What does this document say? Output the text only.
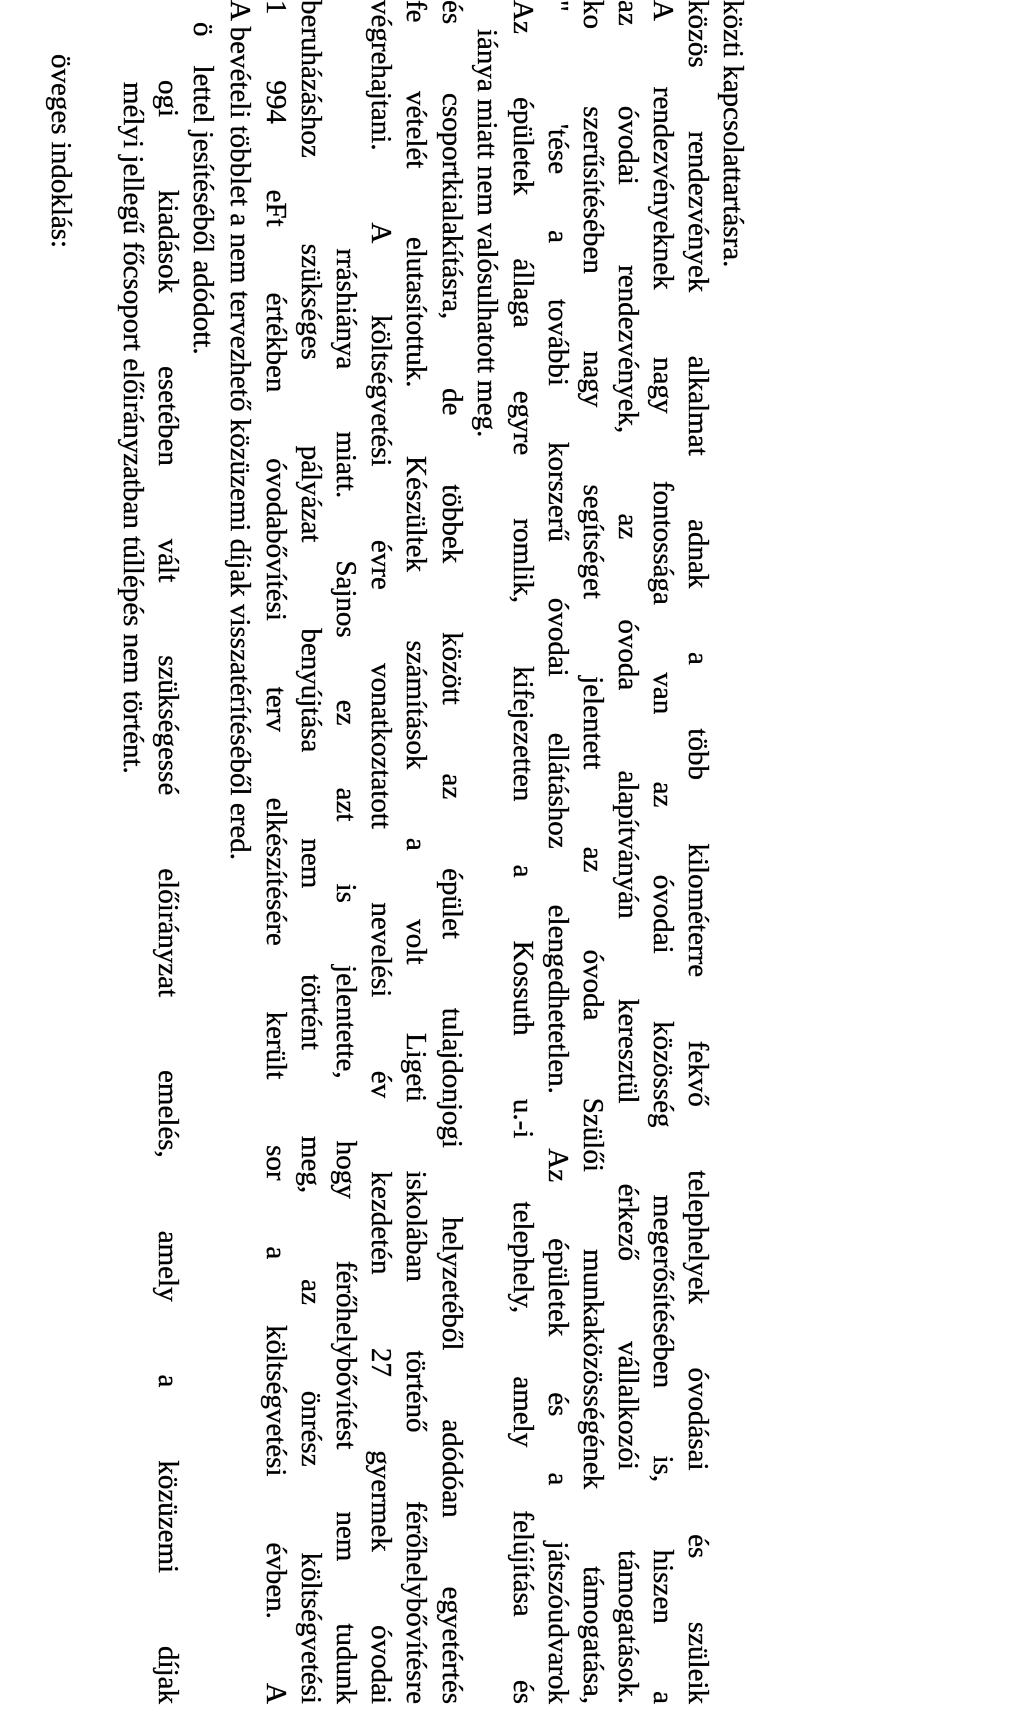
öveges indoklás: mélyi jellegű főcsoport előirányzatban túllépés nem történt. ogi kiadások esetében vált szükségessé előirányzat emelés, amely a közüzemi díjak ö    lettel jesítéséből adódott. A bevételi többlet a nem tervezhető közüzemi díjak visszatérítéséből ered. 1 994 eFt értékben óvodabővítési terv elkészítésére került sor a költségvetési évben. A beruházáshoz szükséges pályázat benyújtása nem történt meg, az önrész költségvetési rráshiánya miatt. Sajnos ez azt is jelentette, hogy férőhelybővítést nem tudunk végrehajtani. A költségvetési évre vonatkoztatott nevelési év kezdetén 27 gyermek óvodai fe vételét elutasítottuk. Készültek számítások a volt Ligeti iskolában történő férőhelybővítésre és csoportkialakításra, de többek között az épület tulajdonjogi helyzetéből adódóan egyetértés iánya miatt nem valósulhatott meg. Az épületek állaga egyre romlik, kifejezetten a Kossuth u.-i telephely, amely felújítása és "  'tése a további korszerű óvodai ellátáshoz elengedhetetlen. Az épületek és a játszóudvarok ko szerűsítésében nagy segítséget jelentett az óvoda Szülői munkaközösségének támogatása, az óvodai rendezvények, az óvoda alapítványán keresztül érkező vállalkozói támogatások. A rendezvényeknek nagy fontossága van az óvodai közösség megerősítésében is, hiszen a közös rendezvények alkalmat adnak a több kilométerre fekvő telephelyek óvodásai és szüleik közti kapcsolattartásra.
